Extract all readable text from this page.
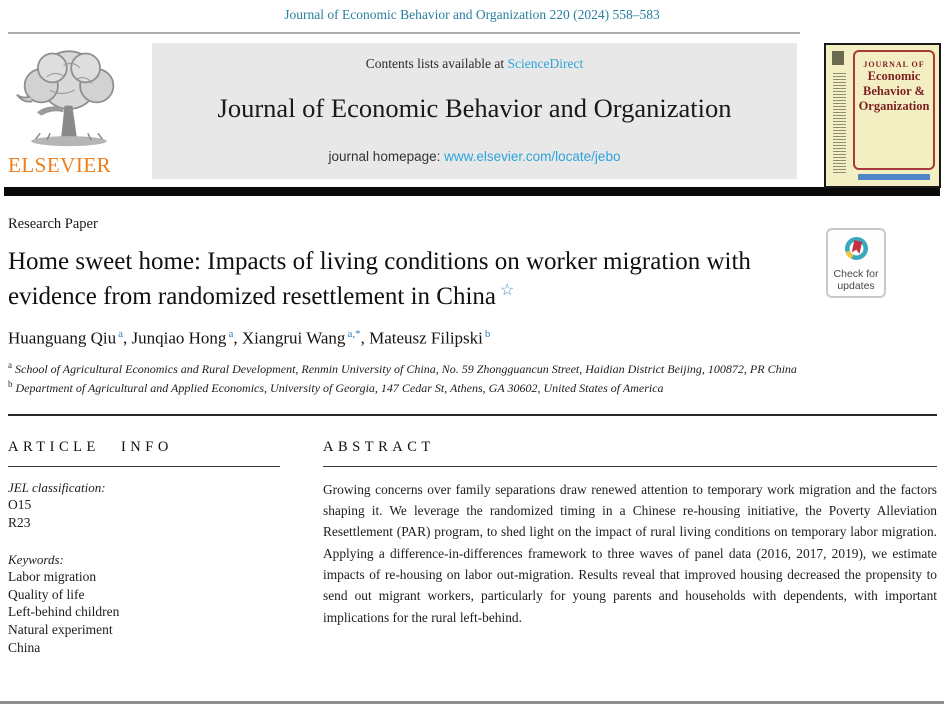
Journal of Economic Behavior and Organization 220 (2024) 558–583
ELSEVIER
Contents lists available at ScienceDirect
Journal of Economic Behavior and Organization
journal homepage: www.elsevier.com/locate/jebo
JOURNAL OF
Economic
Behavior &
Organization
Research Paper
Home sweet home: Impacts of living conditions on worker migration with evidence from randomized resettlement in China ☆
Huanguang Qiu $^a$, Junqiao Hong $^a$, Xiangrui Wang $^{a,*}$, Mateusz Filipski $^b$
$^a$ School of Agricultural Economics and Rural Development, Renmin University of China, No. 59 Zhongguancun Street, Haidian District Beijing, 100872, PR China
$^b$ Department of Agricultural and Applied Economics, University of Georgia, 147 Cedar St, Athens, GA 30602, United States of America
Check for updates
ARTICLE INFO
JEL classification:
O15
R23
Keywords:
Labor migration
Quality of life
Left-behind children
Natural experiment
China
ABSTRACT

Growing concerns over family separations draw renewed attention to temporary work migration and the factors shaping it. We leverage the randomized timing in a Chinese re-housing initiative, the Poverty Alleviation Resettlement (PAR) program, to shed light on the impact of rural living conditions on temporary labor migration. Applying a difference-in-differences framework to three waves of panel data (2016, 2017, 2019), we estimate impacts of re-housing on labor out-migration. Results reveal that improved housing decreased the propensity to send out migrant workers, particularly for young parents and households with dependents, with important implications for the rural left-behind.
